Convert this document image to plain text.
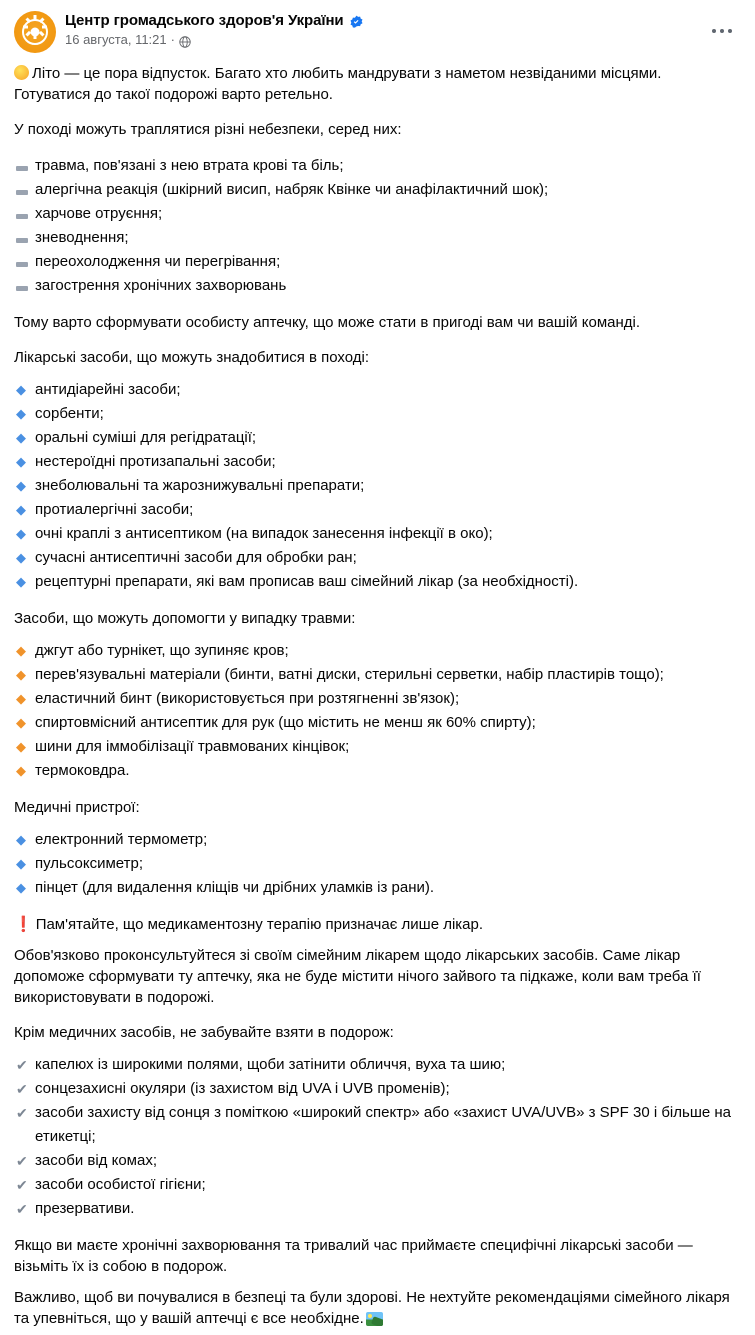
Центр громадського здоров'я України
16 августа, 11:21 ·

Літо — це пора відпусток. Багато хто любить мандрувати з наметом незвіданими місцями. Готуватися до такої подорожі варто ретельно.

У поході можуть траплятися різні небезпеки, серед них:

травма, пов'язані з нею втрата крові та біль;
алергічна реакція (шкірний висип, набряк Квінке чи анафілактичний шок);
харчове отруєння;
зневоднення;
переохолодження чи перегрівання;
загострення хронічних захворювань

Тому варто сформувати особисту аптечку, що може стати в пригоді вам чи вашій команді.

Лікарські засоби, що можуть знадобитися в поході:

◆ антидіарейні засоби;
◆ сорбенти;
◆ оральні суміші для регідратації;
◆ нестероїдні протизапальні засоби;
◆ знеболювальні та жарознижувальні препарати;
◆ протиалергічні засоби;
◆ очні краплі з антисептиком (на випадок занесення інфекції в око);
◆ сучасні антисептичні засоби для обробки ран;
◆ рецептурні препарати, які вам прописав ваш сімейний лікар (за необхідності).

Засоби, що можуть допомогти у випадку травми:

◆ джгут або турнікет, що зупиняє кров;
◆ перев'язувальні матеріали (бинти, ватні диски, стерильні серветки, набір пластирів тощо);
◆ еластичний бинт (використовується при розтягненні зв'язок);
◆ спиртовмісний антисептик для рук (що містить не менш як 60% спирту);
◆ шини для іммобілізації травмованих кінцівок;
◆ термоковдра.

Медичні пристрої:

◆ електронний термометр;
◆ пульсоксиметр;
◆ пінцет (для видалення кліщів чи дрібних уламків із рани).

❗ Пам'ятайте, що медикаментозну терапію призначає лише лікар.

Обов'язково проконсультуйтеся зі своїм сімейним лікарем щодо лікарських засобів. Саме лікар допоможе сформувати ту аптечку, яка не буде містити нічого зайвого та підкаже, коли вам треба її використовувати в подорожі.

Крім медичних засобів, не забувайте взяти в подорож:

✔ капелюх із широкими полями, щоби затінити обличчя, вуха та шию;
✔ сонцезахисні окуляри (із захистом від UVA і UVB променів);
✔ засоби захисту від сонця з поміткою «широкий спектр» або «захист UVA/UVB» з SPF 30 і більше на етикетці;
✔ засоби від комах;
✔ засоби особистої гігієни;
✔ презервативи.

Якщо ви маєте хронічні захворювання та тривалий час приймаєте специфічні лікарські засоби — візьміть їх із собою в подорож.

Важливо, щоб ви почувалися в безпеці та були здорові. Не нехтуйте рекомендаціями сімейного лікаря та упевніться, що у вашій аптечці є все необхідне.
